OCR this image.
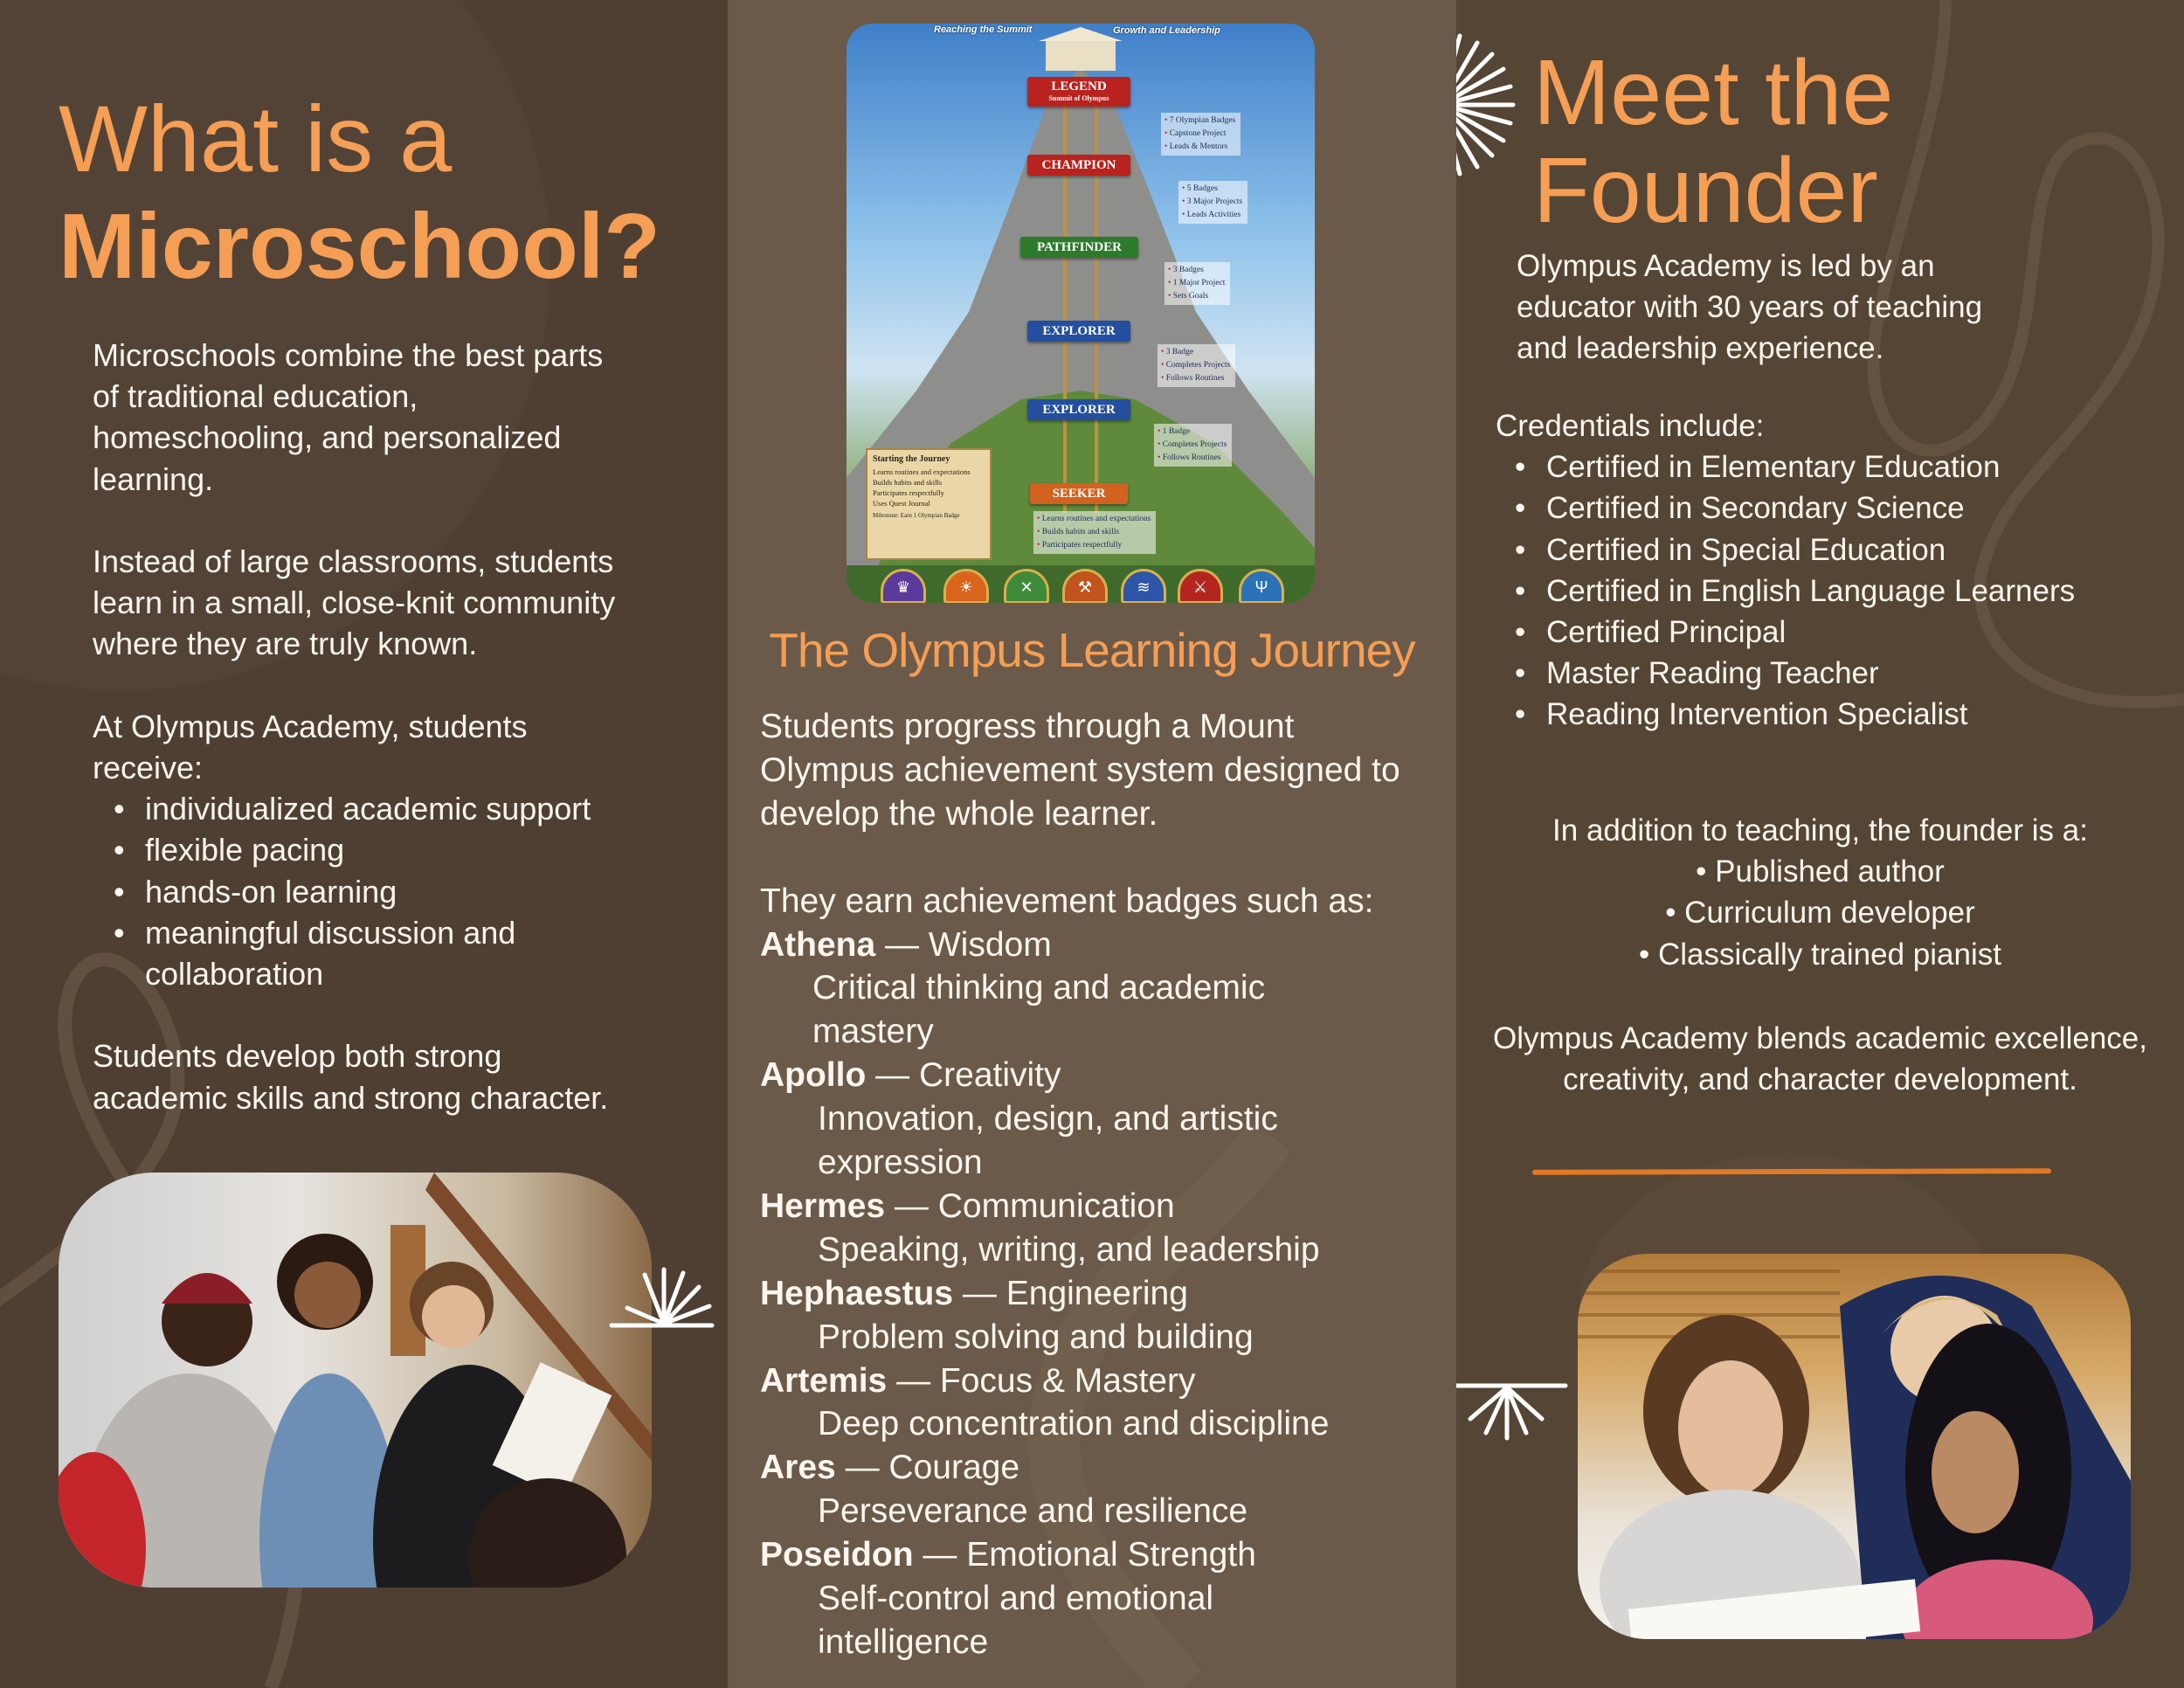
What is a
Microschool?
Microschools combine the best parts
of traditional education,
homeschooling, and personalized
learning.
Instead of large classrooms, students
learn in a small, close-knit community
where they are truly known.
At Olympus Academy, students
receive:
• individualized academic support
• flexible pacing
• hands-on learning
• meaningful discussion and collaboration
Students develop both strong
academic skills and strong character.
Reaching the Summit	Growth and Leadership
LEGEND
Summit of Olympus
• 7 Olympian Badges
• Capstone Project
• Leads & Mentors
CHAMPION
• 5 Badges
• 3 Major Projects
• Leads Activities
PATHFINDER
• 3 Badges
• 1 Major Project
• Sets Goals
EXPLORER
• 3 Badge
• Completes Projects
• Follows Routines
EXPLORER
• 1 Badge
• Completes Projects
• Follows Routines
SEEKER
• Learns routines and expectations
• Builds habits and skills
• Participates respectfully
Starting the Journey
Learns routines and expectations
Builds habits and skills
Participates respectfully
Uses Quest Journal
Milestone: Earn 1 Olympian Badge
♛	☀	✕	⚒	≋	⚔	Ψ
The Olympus Learning Journey
Students progress through a Mount
Olympus achievement system designed to
develop the whole learner.
They earn achievement badges such as:
Athena — Wisdom
Critical thinking and academic
mastery
Apollo — Creativity
Innovation, design, and artistic
expression
Hermes — Communication
Speaking, writing, and leadership
Hephaestus — Engineering
Problem solving and building
Artemis — Focus & Mastery
Deep concentration and discipline
Ares — Courage
Perseverance and resilience
Poseidon — Emotional Strength
Self-control and emotional
intelligence
Meet the
Founder
Olympus Academy is led by an
educator with 30 years of teaching
and leadership experience.
Credentials include:
• Certified in Elementary Education
• Certified in Secondary Science
• Certified in Special Education
• Certified in English Language Learners
• Certified Principal
• Master Reading Teacher
• Reading Intervention Specialist
In addition to teaching, the founder is a:
• Published author
• Curriculum developer
• Classically trained pianist
Olympus Academy blends academic excellence,
creativity, and character development.
